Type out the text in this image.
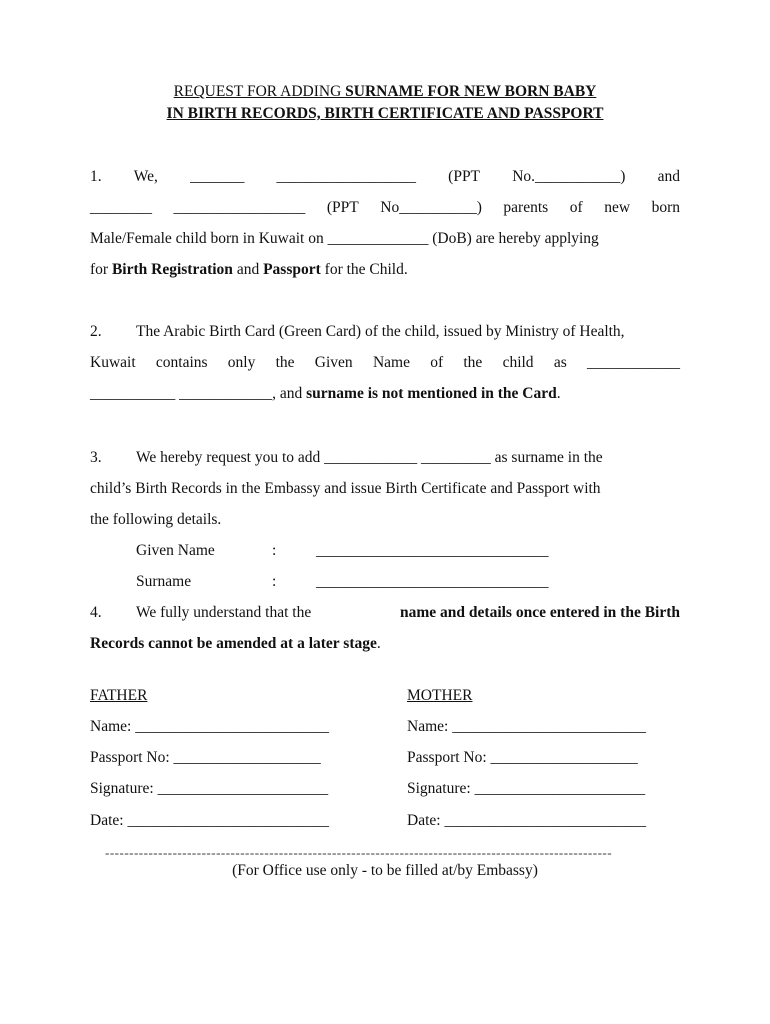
REQUEST FOR ADDING SURNAME FOR NEW BORN BABY
IN BIRTH RECORDS, BIRTH CERTIFICATE AND PASSPORT
1. We, _______ __________________ (PPT No.___________) and
________ _________________ (PPT No__________) parents of new born
Male/Female child born in Kuwait on _____________ (DoB) are hereby applying
for Birth Registration and Passport for the Child.
2. The Arabic Birth Card (Green Card) of the child, issued by Ministry of Health,
Kuwait contains only the Given Name of the child as ____________
___________ ____________, and surname is not mentioned in the Card.
3. We hereby request you to add ____________ _________ as surname in the
child’s Birth Records in the Embassy and issue Birth Certificate and Passport with
the following details.
Given Name	:	______________________________
Surname	:	______________________________
4. We fully understand that the	name and details once entered in the Birth
Records cannot be amended at a later stage.
FATHER	MOTHER
Name: _________________________	Name: _________________________
Passport No: ___________________	Passport No: ___________________
Signature: ______________________	Signature: ______________________
Date: __________________________	Date: __________________________
---------------------------------------------------------------------------------------------------------
(For Office use only - to be filled at/by Embassy)
